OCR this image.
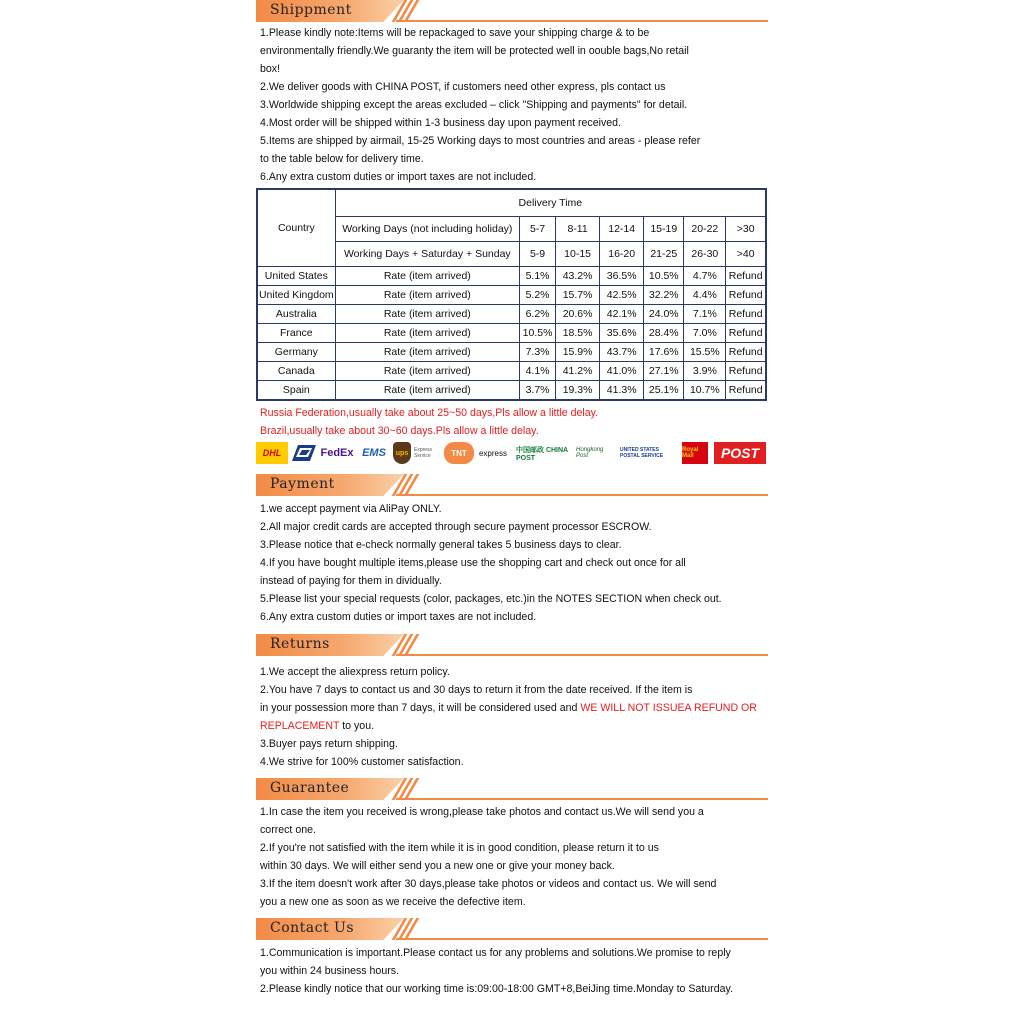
Shippment
1.Please kindly note:Items will be repackaged to save your shipping charge & to be
environmentally friendly.We guaranty the item will be protected well in oouble bags,No retail
box!
2.We deliver goods with CHINA POST, if customers need other express, pls contact us
3.Worldwide shipping except the areas excluded – click "Shipping and payments" for detail.
4.Most order will be shipped within 1-3 business day upon payment received.
5.Items are shipped by airmail, 15-25 Working days to most countries and areas - please refer
to the table below for delivery time.
6.Any extra custom duties or import taxes are not included.
Country	Delivery Time						
	Working Days (not including holiday)	5-7	8-11	12-14	15-19	20-22	>30
	Working Days + Saturday + Sunday	5-9	10-15	16-20	21-25	26-30	>40
United States	Rate (item arrived)	5.1%	43.2%	36.5%	10.5%	4.7%	Refund
United Kingdom	Rate (item arrived)	5.2%	15.7%	42.5%	32.2%	4.4%	Refund
Australia	Rate (item arrived)	6.2%	20.6%	42.1%	24.0%	7.1%	Refund
France	Rate (item arrived)	10.5%	18.5%	35.6%	28.4%	7.0%	Refund
Germany	Rate (item arrived)	7.3%	15.9%	43.7%	17.6%	15.5%	Refund
Canada	Rate (item arrived)	4.1%	41.2%	41.0%	27.1%	3.9%	Refund
Spain	Rate (item arrived)	3.7%	19.3%	41.3%	25.1%	10.7%	Refund
Russia Federation,usually take about 25~50 days,Pls allow a little delay.
Brazil,usually take about 30~60 days.Pls allow a little delay.
DHL	FedEx EMS ups Express Service	TNT express 中国邮政 CHINA POST
Hongkong Post
UNITED STATES POSTAL SERVICE
Royal Mail	POST
Payment
1.we accept payment via AliPay ONLY.
2.All major credit cards are accepted through secure payment processor ESCROW.
3.Please notice that e-check normally general takes 5 business days to clear.
4.If you have bought multiple items,please use the shopping cart and check out once for all
instead of paying for them in dividually.
5.Please list your special requests (color, packages, etc.)in the NOTES SECTION when check out.
6.Any extra custom duties or import taxes are not included.
Returns
1.We accept the aliexpress return policy.
2.You have 7 days to contact us and 30 days to return it from the date received. If the item is
in your possession more than 7 days, it will be considered used and WE WILL NOT ISSUEA REFUND OR
REPLACEMENT to you.
3.Buyer pays return shipping.
4.We strive for 100% customer satisfaction.
Guarantee
1.In case the item you received is wrong,please take photos and contact us.We will send you a
correct one.
2.If you're not satisfied with the item while it is in good condition, please return it to us
within 30 days. We will either send you a new one or give your money back.
3.If the item doesn't work after 30 days,please take photos or videos and contact us. We will send
you a new one as soon as we receive the defective item.
Contact Us
1.Communication is important.Please contact us for any problems and solutions.We promise to reply
you within 24 business hours.
2.Please kindly notice that our working time is:09:00-18:00 GMT+8,BeiJing time.Monday to Saturday.
